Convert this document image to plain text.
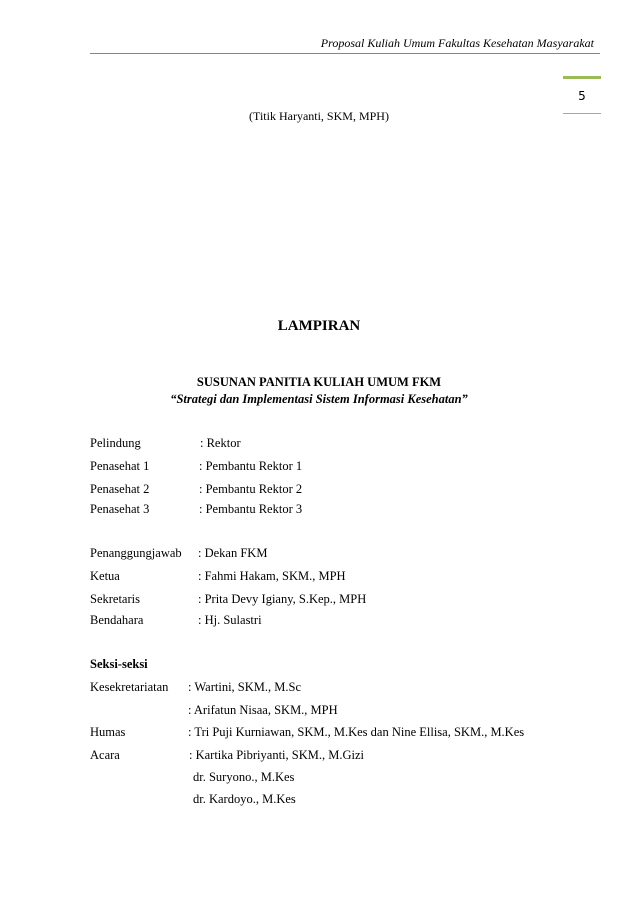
Proposal Kuliah Umum Fakultas Kesehatan Masyarakat
5
(Titik Haryanti, SKM, MPH)
LAMPIRAN
SUSUNAN PANITIA KULIAH UMUM FKM
“Strategi dan Implementasi Sistem Informasi Kesehatan”
Pelindung	: Rektor
Penasehat 1	: Pembantu Rektor 1
Penasehat 2	: Pembantu Rektor 2
Penasehat 3	: Pembantu Rektor 3
Penanggungjawab : Dekan FKM
Ketua	: Fahmi Hakam, SKM., MPH
Sekretaris	: Prita Devy Igiany, S.Kep., MPH
Bendahara	: Hj. Sulastri
Seksi-seksi
Kesekretariatan : Wartini, SKM., M.Sc
: Arifatun Nisaa, SKM., MPH
Humas	: Tri Puji Kurniawan, SKM., M.Kes dan Nine Ellisa, SKM., M.Kes
Acara	: Kartika Pibriyanti, SKM., M.Gizi
dr. Suryono., M.Kes
dr. Kardoyo., M.Kes
